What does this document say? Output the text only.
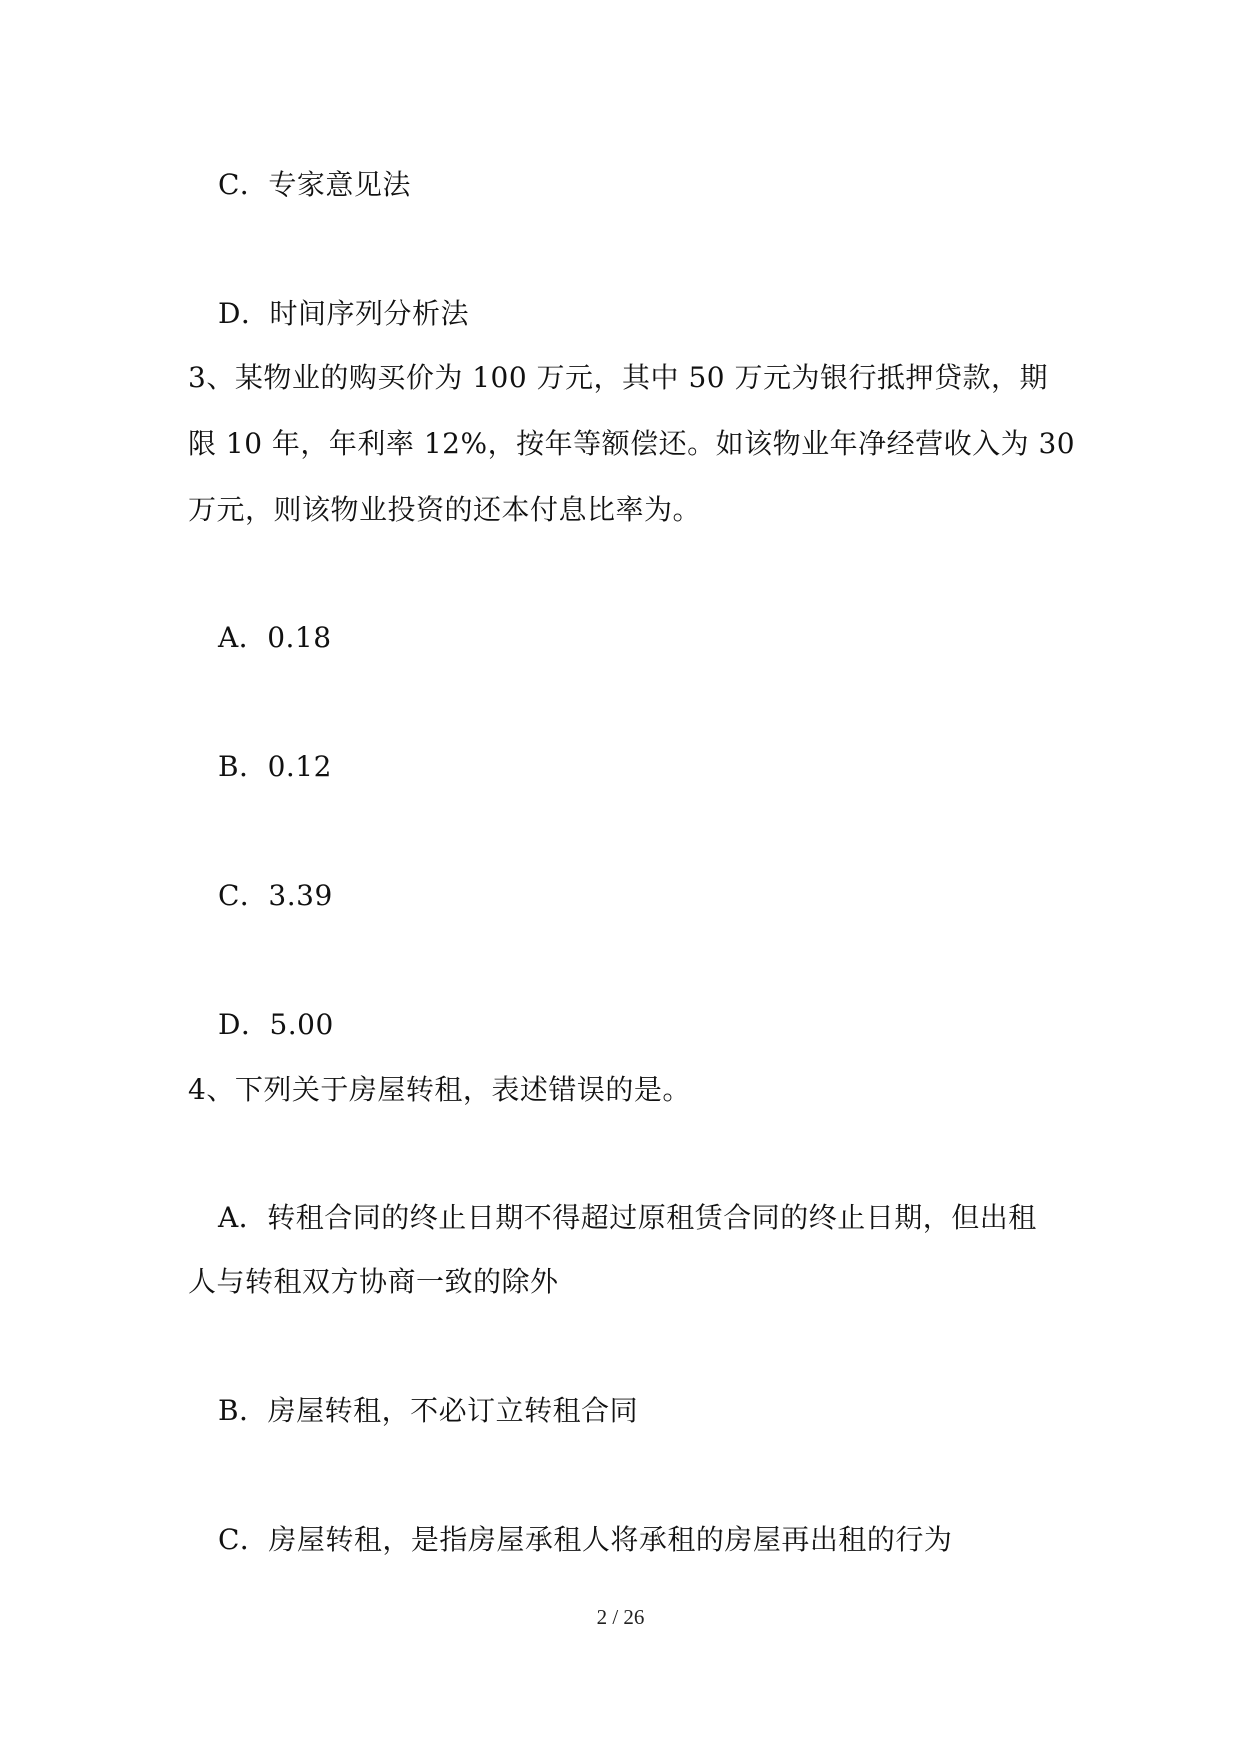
C．专家意见法
D．时间序列分析法
3、某物业的购买价为 100 万元，其中 50 万元为银行抵押贷款，期
限 10 年，年利率 12%，按年等额偿还。如该物业年净经营收入为 30
万元，则该物业投资的还本付息比率为。
A．0.18
B．0.12
C．3.39
D．5.00
4、下列关于房屋转租，表述错误的是。
A．转租合同的终止日期不得超过原租赁合同的终止日期，但出租
人与转租双方协商一致的除外
B．房屋转租，不必订立转租合同
C．房屋转租，是指房屋承租人将承租的房屋再出租的行为
2 / 26
